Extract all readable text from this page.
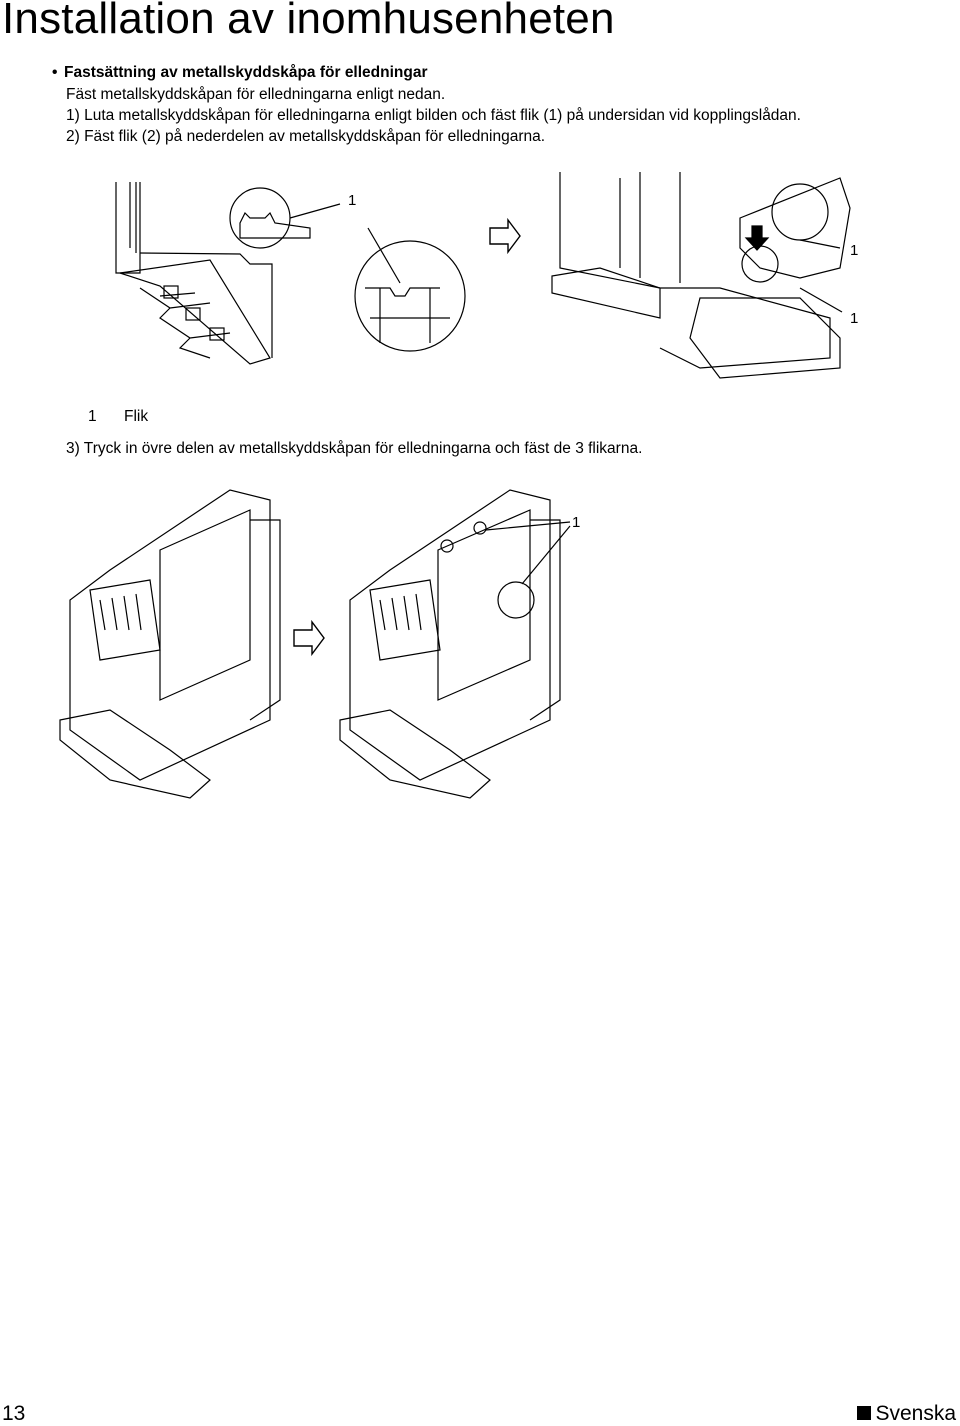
Installation av inomhusenheten
• Fastsättning av metallskyddskåpa för elledningar
Fäst metallskyddskåpan för elledningarna enligt nedan.
1) Luta metallskyddskåpan för elledningarna enligt bilden och fäst flik (1) på undersidan vid kopplingslådan.
2) Fäst flik (2) på nederdelen av metallskyddskåpan för elledningarna.
1
1
1
1 Flik
3) Tryck in övre delen av metallskyddskåpan för elledningarna och fäst de 3 flikarna.
1
13	Svenska
